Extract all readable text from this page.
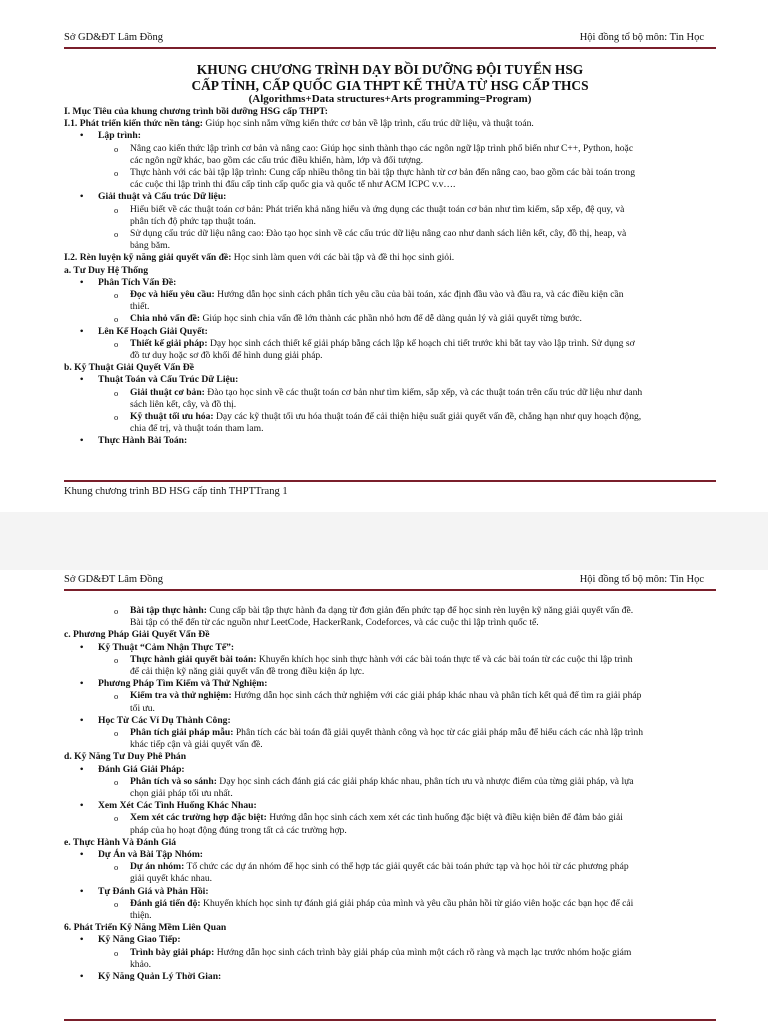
Sở GD&ĐT Lâm Đồng	Hội đồng tổ bộ môn: Tin Học
KHUNG CHƯƠNG TRÌNH DẠY BỒI DƯỠNG ĐỘI TUYỂN HSG
CẤP TỈNH, CẤP QUỐC GIA THPT KẾ THỪA TỪ HSG CẤP THCS
(Algorithms+Data structures+Arts programming=Program)
I. Mục Tiêu của khung chương trình bồi dưỡng HSG cấp THPT:
I.1. Phát triển kiến thức nền tảng: Giúp học sinh nắm vững kiến thức cơ bản về lập trình, cấu trúc dữ liệu, và thuật toán.
• Lập trình:
o Nâng cao kiến thức lập trình cơ bản và nâng cao: Giúp học sinh thành thạo các ngôn ngữ lập trình phổ biến như C++, Python, hoặc
các ngôn ngữ khác, bao gồm các cấu trúc điều khiển, hàm, lớp và đối tượng.
o Thực hành với các bài tập lập trình: Cung cấp nhiều thông tin bài tập thực hành từ cơ bản đến nâng cao, bao gồm các bài toán trong
các cuộc thi lập trình thi đấu cấp tỉnh cấp quốc gia và quốc tế như ACM ICPC v.v….
• Giải thuật và Cấu trúc Dữ liệu:
o Hiểu biết về các thuật toán cơ bản: Phát triển khả năng hiểu và ứng dụng các thuật toán cơ bản như tìm kiếm, sắp xếp, đệ quy, và
phân tích độ phức tạp thuật toán.
o Sử dụng cấu trúc dữ liệu nâng cao: Đào tạo học sinh về các cấu trúc dữ liệu nâng cao như danh sách liên kết, cây, đồ thị, heap, và
bảng băm.
I.2. Rèn luyện kỹ năng giải quyết vấn đề: Học sinh làm quen với các bài tập và đề thi học sinh giỏi.
a. Tư Duy Hệ Thống
• Phân Tích Vấn Đề:
o Đọc và hiểu yêu cầu: Hướng dẫn học sinh cách phân tích yêu cầu của bài toán, xác định đầu vào và đầu ra, và các điều kiện cần
thiết.
o Chia nhỏ vấn đề: Giúp học sinh chia vấn đề lớn thành các phần nhỏ hơn để dễ dàng quản lý và giải quyết từng bước.
• Lên Kế Hoạch Giải Quyết:
o Thiết kế giải pháp: Dạy học sinh cách thiết kế giải pháp bằng cách lập kế hoạch chi tiết trước khi bắt tay vào lập trình. Sử dụng sơ
đồ tư duy hoặc sơ đồ khối để hình dung giải pháp.
b. Kỹ Thuật Giải Quyết Vấn Đề
• Thuật Toán và Cấu Trúc Dữ Liệu:
o Giải thuật cơ bản: Đào tạo học sinh về các thuật toán cơ bản như tìm kiếm, sắp xếp, và các thuật toán trên cấu trúc dữ liệu như danh
sách liên kết, cây, và đồ thị.
o Kỹ thuật tối ưu hóa: Dạy các kỹ thuật tối ưu hóa thuật toán để cải thiện hiệu suất giải quyết vấn đề, chẳng hạn như quy hoạch động,
chia để trị, và thuật toán tham lam.
• Thực Hành Bài Toán:
Khung chương trình BD HSG cấp tỉnh THPTTrang 1
Sở GD&ĐT Lâm Đồng	Hội đồng tổ bộ môn: Tin Học
o Bài tập thực hành: Cung cấp bài tập thực hành đa dạng từ đơn giản đến phức tạp để học sinh rèn luyện kỹ năng giải quyết vấn đề.
Bài tập có thể đến từ các nguồn như LeetCode, HackerRank, Codeforces, và các cuộc thi lập trình quốc tế.
c. Phương Pháp Giải Quyết Vấn Đề
• Kỹ Thuật “Cảm Nhận Thực Tế”:
o Thực hành giải quyết bài toán: Khuyến khích học sinh thực hành với các bài toán thực tế và các bài toán từ các cuộc thi lập trình
để cải thiện kỹ năng giải quyết vấn đề trong điều kiện áp lực.
• Phương Pháp Tìm Kiếm và Thử Nghiệm:
o Kiểm tra và thử nghiệm: Hướng dẫn học sinh cách thử nghiệm với các giải pháp khác nhau và phân tích kết quả để tìm ra giải pháp
tối ưu.
• Học Từ Các Ví Dụ Thành Công:
o Phân tích giải pháp mẫu: Phân tích các bài toán đã giải quyết thành công và học từ các giải pháp mẫu để hiểu cách các nhà lập trình
khác tiếp cận và giải quyết vấn đề.
d. Kỹ Năng Tư Duy Phê Phán
• Đánh Giá Giải Pháp:
o Phân tích và so sánh: Dạy học sinh cách đánh giá các giải pháp khác nhau, phân tích ưu và nhược điểm của từng giải pháp, và lựa
chọn giải pháp tối ưu nhất.
• Xem Xét Các Tình Huống Khác Nhau:
o Xem xét các trường hợp đặc biệt: Hướng dẫn học sinh cách xem xét các tình huống đặc biệt và điều kiện biên để đảm bảo giải
pháp của họ hoạt động đúng trong tất cả các trường hợp.
e. Thực Hành Và Đánh Giá
• Dự Án và Bài Tập Nhóm:
o Dự án nhóm: Tổ chức các dự án nhóm để học sinh có thể hợp tác giải quyết các bài toán phức tạp và học hỏi từ các phương pháp
giải quyết khác nhau.
• Tự Đánh Giá và Phản Hồi:
o Đánh giá tiến độ: Khuyến khích học sinh tự đánh giá giải pháp của mình và yêu cầu phản hồi từ giáo viên hoặc các bạn học để cải
thiện.
6. Phát Triển Kỹ Năng Mềm Liên Quan
• Kỹ Năng Giao Tiếp:
o Trình bày giải pháp: Hướng dẫn học sinh cách trình bày giải pháp của mình một cách rõ ràng và mạch lạc trước nhóm hoặc giám
khảo.
• Kỹ Năng Quản Lý Thời Gian:
